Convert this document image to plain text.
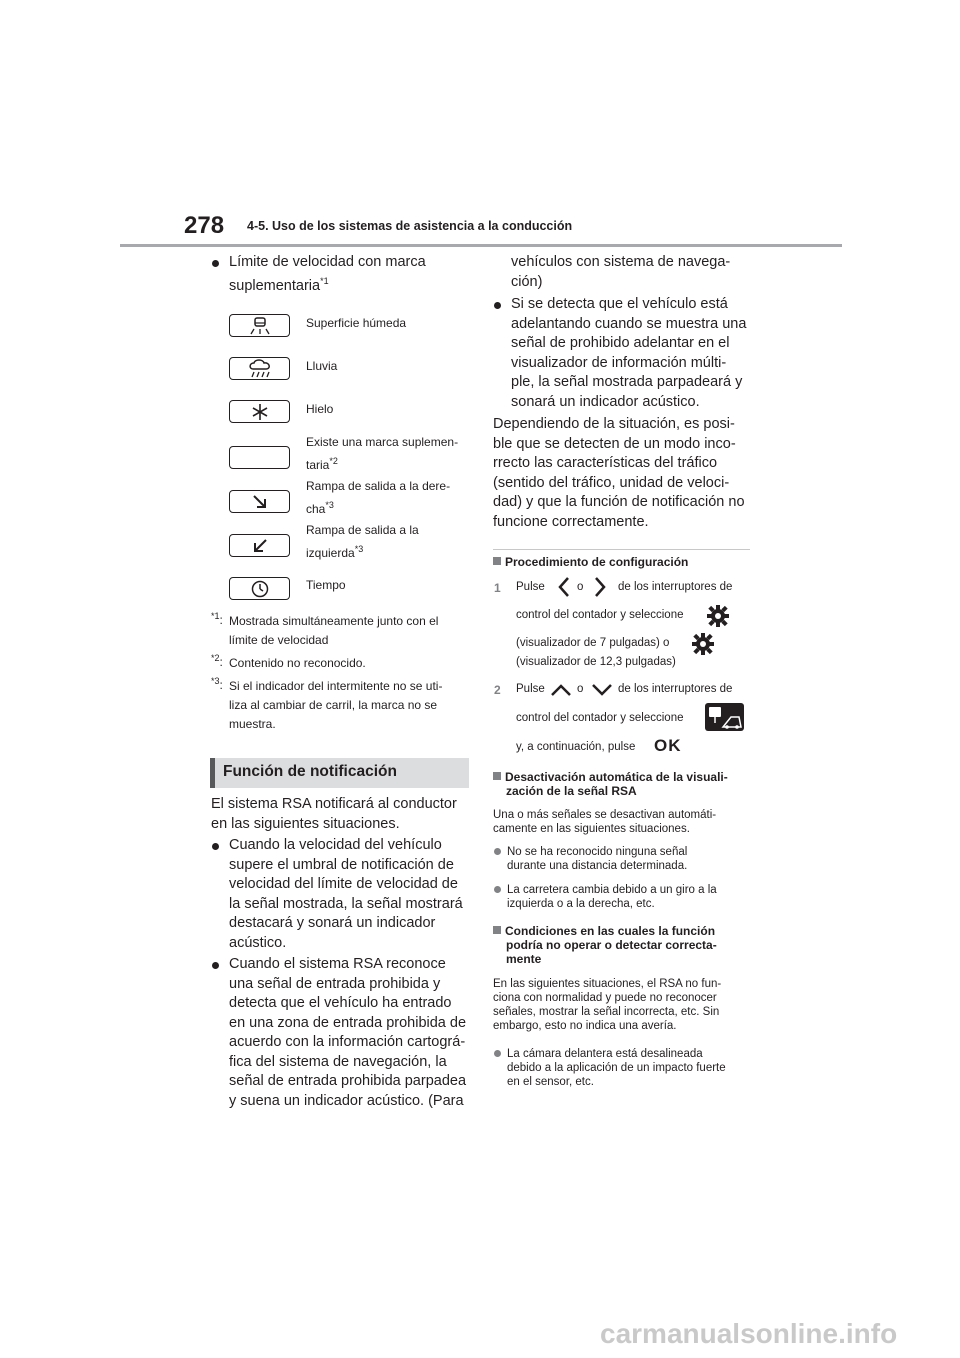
278 4-5. Uso de los sistemas de asistencia a la conducción
Límite de velocidad con marca
suplementaria$^{*1}$
Superficie húmeda
Lluvia
Hielo
Existe una marca suplemen-
taria$^{*2}$
Rampa de salida a la dere-
cha$^{*3}$
Rampa de salida a la
izquierda$^{*3}$
Tiempo
$^{*1}$: Mostrada simultáneamente junto con el
límite de velocidad
$^{*2}$: Contenido no reconocido.
$^{*3}$: Si el indicador del intermitente no se uti-
liza al cambiar de carril, la marca no se
muestra.
Función de notificación
El sistema RSA notificará al conductor
en las siguientes situaciones.
Cuando la velocidad del vehículo
supere el umbral de notificación de
velocidad del límite de velocidad de
la señal mostrada, la señal mostrará
destacará y sonará un indicador
acústico.
Cuando el sistema RSA reconoce
una señal de entrada prohibida y
detecta que el vehículo ha entrado
en una zona de entrada prohibida de
acuerdo con la información cartográ-
fica del sistema de navegación, la
señal de entrada prohibida parpadea
y suena un indicador acústico. (Para
vehículos con sistema de navega-
ción)
Si se detecta que el vehículo está
adelantando cuando se muestra una
señal de prohibido adelantar en el
visualizador de información múlti-
ple, la señal mostrada parpadeará y
sonará un indicador acústico.
Dependiendo de la situación, es posi-
ble que se detecten de un modo inco-
rrecto las características del tráfico
(sentido del tráfico, unidad de veloci-
dad) y que la función de notificación no
funcione correctamente.
Procedimiento de configuración
1 Pulse	o	de los interruptores de
control del contador y seleccione
(visualizador de 7 pulgadas) o
(visualizador de 12,3 pulgadas)
2 Pulse	o	de los interruptores de
control del contador y seleccione
y, a continuación, pulse OK
Desactivación automática de la visuali-
zación de la señal RSA
Una o más señales se desactivan automáti-
camente en las siguientes situaciones.
No se ha reconocido ninguna señal
durante una distancia determinada.
La carretera cambia debido a un giro a la
izquierda o a la derecha, etc.
Condiciones en las cuales la función
podría no operar o detectar correcta-
mente
En las siguientes situaciones, el RSA no fun-
ciona con normalidad y puede no reconocer
señales, mostrar la señal incorrecta, etc. Sin
embargo, esto no indica una avería.
La cámara delantera está desalineada
debido a la aplicación de un impacto fuerte
en el sensor, etc.
carmanualsonline.info
